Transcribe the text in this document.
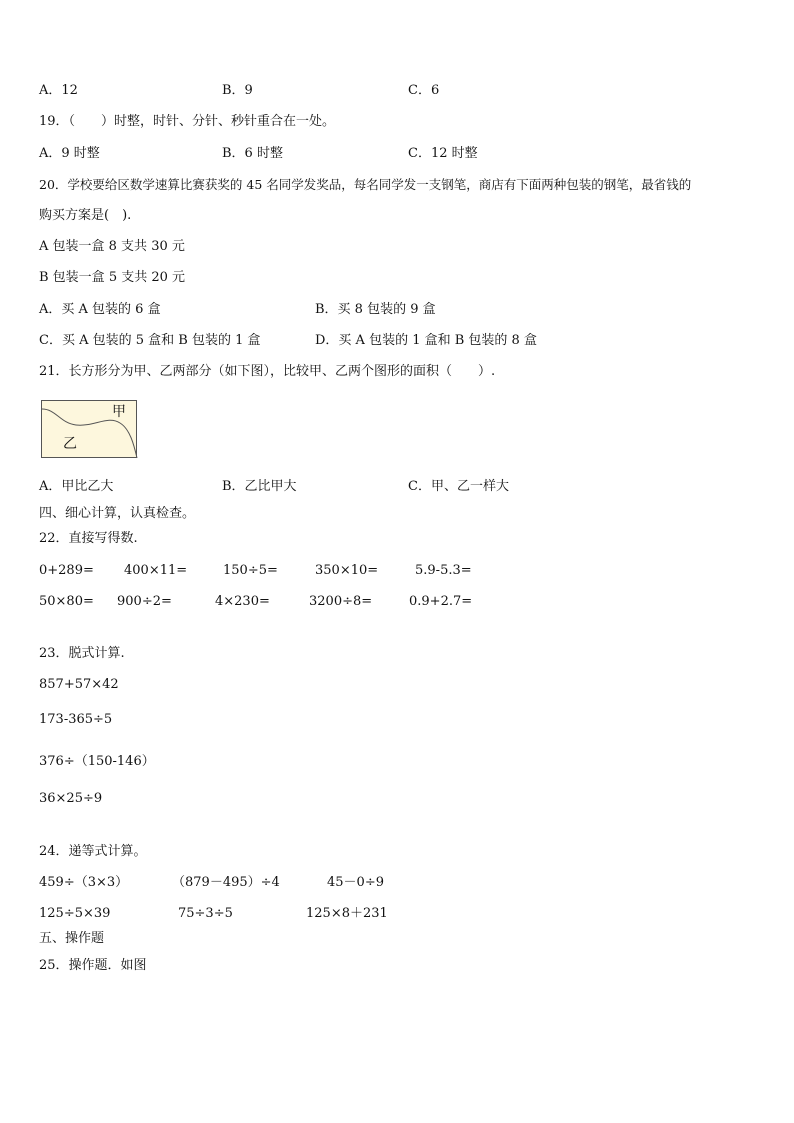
A．12	B．9	C．6
19．（　　）时整，时针、分针、秒针重合在一处。
A．9 时整	B．6 时整	C．12 时整
20．学校要给区数学速算比赛获奖的 45 名同学发奖品，每名同学发一支钢笔，商店有下面两种包装的钢笔，最省钱的
购买方案是(　).
A 包装一盒 8 支共 30 元
B 包装一盒 5 支共 20 元
A．买 A 包装的 6 盒	B．买 8 包装的 9 盒
C．买 A 包装的 5 盒和 B 包装的 1 盒	D．买 A 包装的 1 盒和 B 包装的 8 盒
21．长方形分为甲、乙两部分（如下图），比较甲、乙两个图形的面积（　　）.
甲
乙
A．甲比乙大	B．乙比甲大	C．甲、乙一样大
四、细心计算，认真检查。
22．直接写得数.
0+289= 400×11=	150÷5=	350×10=	5.9-5.3=
50×80= 900÷2=	4×230=	3200÷8=	0.9+2.7=
23．脱式计算.
857+57×42
173-365÷5
376÷（150-146）
36×25÷9
24．递等式计算。
459÷（3×3）	（879－495）÷4	45－0÷9
125÷5×39	75÷3÷5	125×8＋231
五、操作题
25．操作题．如图
